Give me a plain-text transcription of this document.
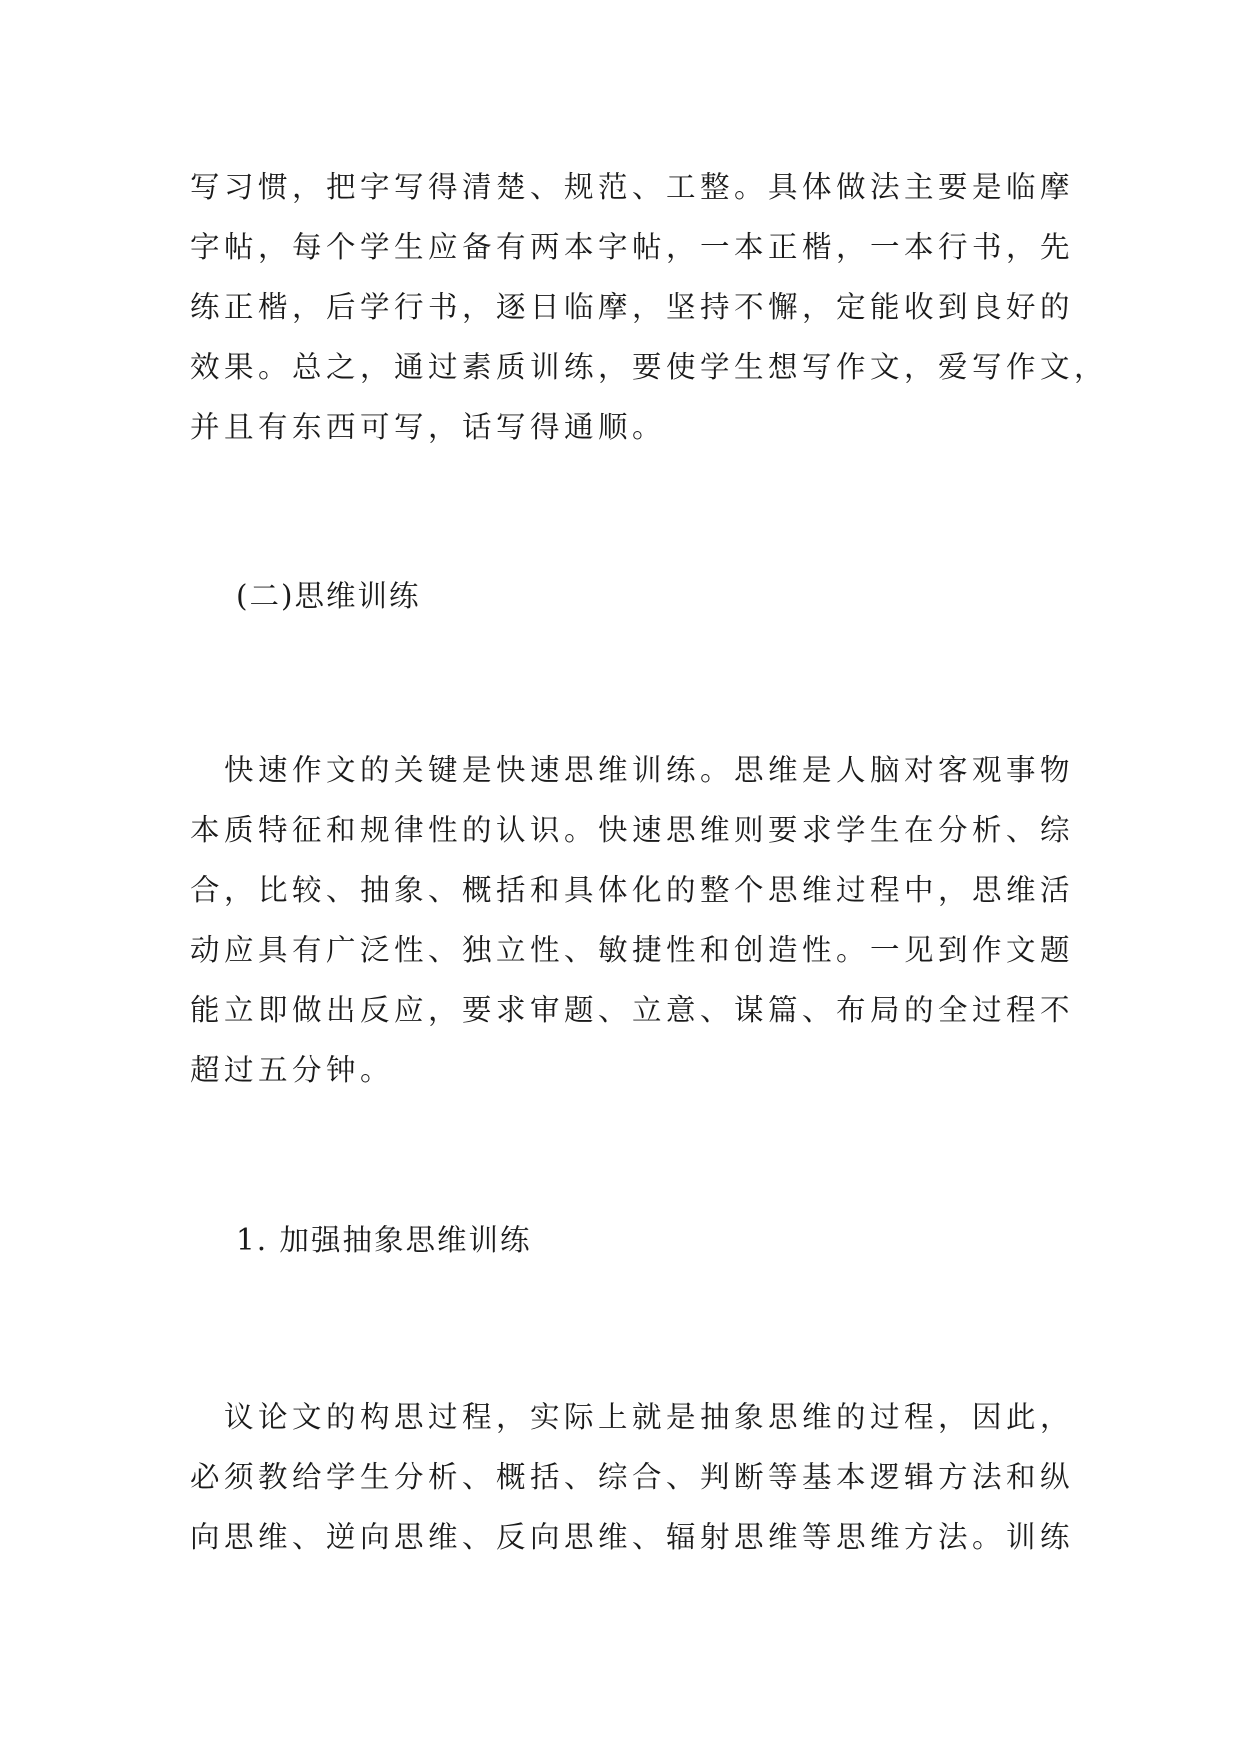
写习惯，把字写得清楚、规范、工整。具体做法主要是临摩
字帖，每个学生应备有两本字帖，一本正楷，一本行书，先
练正楷，后学行书，逐日临摩，坚持不懈，定能收到良好的
效果。总之，通过素质训练，要使学生想写作文，爱写作文，
并且有东西可写，话写得通顺。
(二)思维训练
　快速作文的关键是快速思维训练。思维是人脑对客观事物
本质特征和规律性的认识。快速思维则要求学生在分析、综
合，比较、抽象、概括和具体化的整个思维过程中，思维活
动应具有广泛性、独立性、敏捷性和创造性。一见到作文题
能立即做出反应，要求审题、立意、谋篇、布局的全过程不
超过五分钟。
1. 加强抽象思维训练
　议论文的构思过程，实际上就是抽象思维的过程，因此，
必须教给学生分析、概括、综合、判断等基本逻辑方法和纵
向思维、逆向思维、反向思维、辐射思维等思维方法。训练
